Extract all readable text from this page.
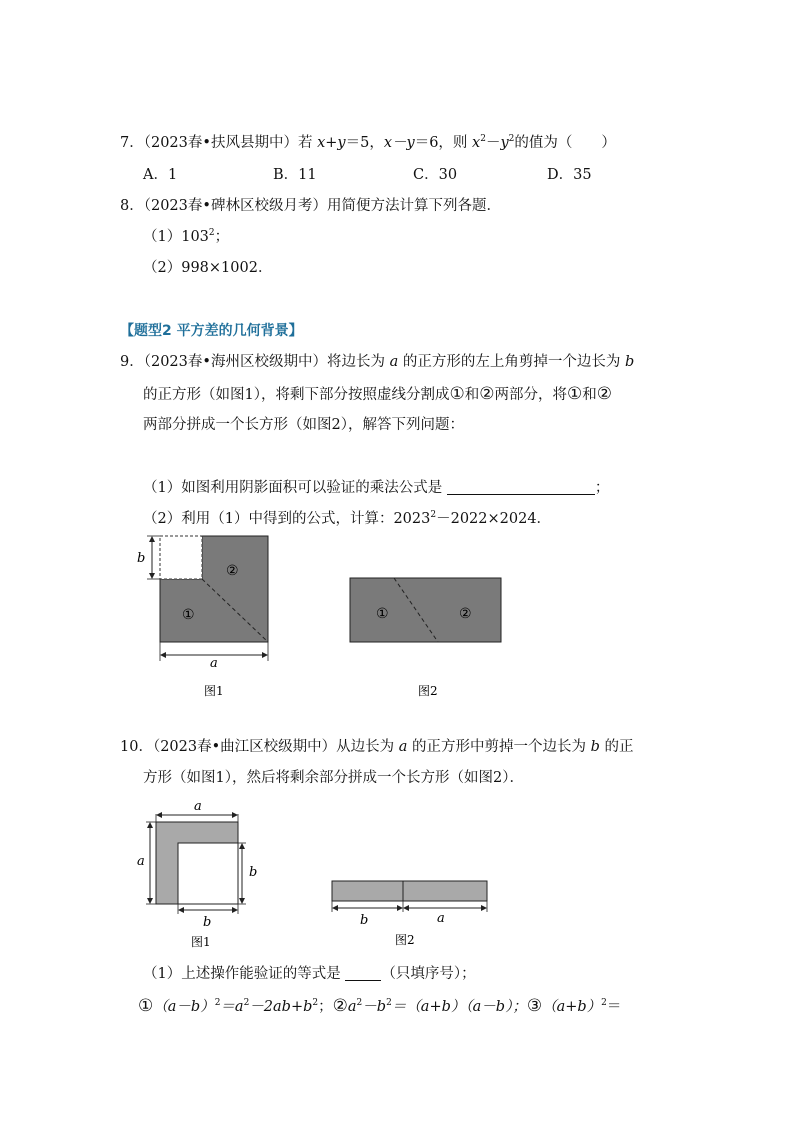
7．（2023春•扶风县期中）若 x+y＝5，x－y＝6，则 $x^2-y^2$的值为（　　）
A．1	B．11	C．30	D．35
8．（2023春•碑林区校级月考）用简便方法计算下列各题．
$(1)103^2$；
（2）998×1002．
【题型2 平方差的几何背景】
9．（2023春•海州区校级期中）将边长为 a 的正方形的左上角剪掉一个边长为 b
的正方形（如图1），将剩下部分按照虚线分割成①和②两部分，将①和②
两部分拼成一个长方形（如图2），解答下列问题：
（1）如图利用阴影面积可以验证的乘法公式是	；
（2）利用（1）中得到的公式，计算：$2023^2-2022\times 2024$．
b
②
①
a
图1
①	②
图2
10．（2023春•曲江区校级期中）从边长为 a 的正方形中剪掉一个边长为 b 的正
方形（如图1），然后将剩余部分拼成一个长方形（如图2）．
a
a
b
b
图1
b	a
图2
（1）上述操作能验证的等式是 （只填序号）；
$①(a-b)^2=a^2-2ab+b^2$；$②a^2-b^2=(a+b)(a-b)$；$③(a+b)^2=$
